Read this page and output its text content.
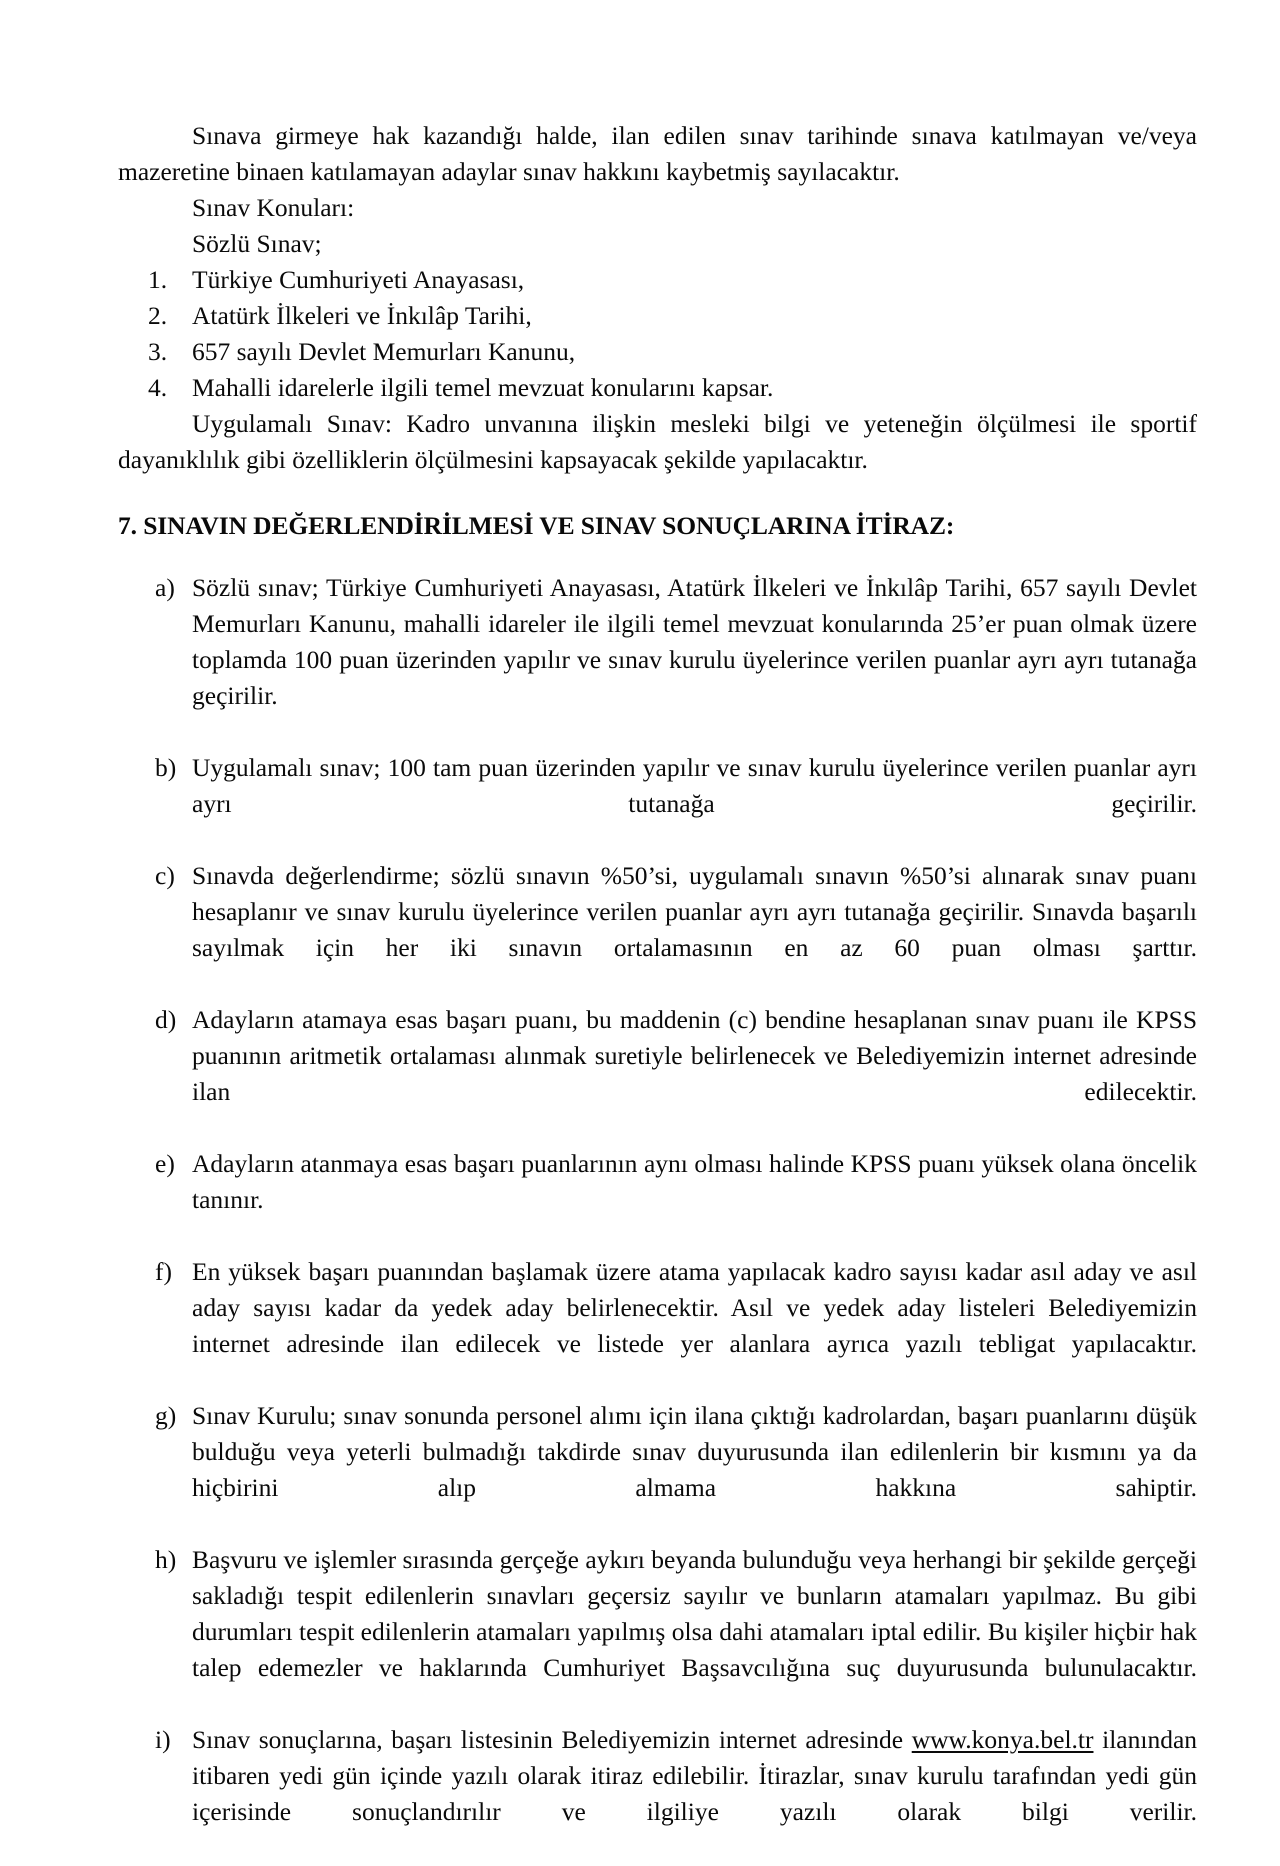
Sınava girmeye hak kazandığı halde, ilan edilen sınav tarihinde sınava katılmayan ve/veya mazeretine binaen katılamayan adaylar sınav hakkını kaybetmiş sayılacaktır.

Sınav Konuları:

Sözlü Sınav;

1. Türkiye Cumhuriyeti Anayasası,
2. Atatürk İlkeleri ve İnkılâp Tarihi,
3. 657 sayılı Devlet Memurları Kanunu,
4. Mahalli idarelerle ilgili temel mevzuat konularını kapsar.

Uygulamalı Sınav: Kadro unvanına ilişkin mesleki bilgi ve yeteneğin ölçülmesi ile sportif dayanıklılık gibi özelliklerin ölçülmesini kapsayacak şekilde yapılacaktır.

7. SINAVIN DEĞERLENDİRİLMESİ VE SINAV SONUÇLARINA İTİRAZ:
a) Sözlü sınav; Türkiye Cumhuriyeti Anayasası, Atatürk İlkeleri ve İnkılâp Tarihi, 657 sayılı Devlet Memurları Kanunu, mahalli idareler ile ilgili temel mevzuat konularında 25’er puan olmak üzere toplamda 100 puan üzerinden yapılır ve sınav kurulu üyelerince verilen puanlar ayrı ayrı tutanağa geçirilir.
b) Uygulamalı sınav; 100 tam puan üzerinden yapılır ve sınav kurulu üyelerince verilen puanlar ayrı ayrı tutanağa geçirilir.
c) Sınavda değerlendirme; sözlü sınavın %50’si, uygulamalı sınavın %50’si alınarak sınav puanı hesaplanır ve sınav kurulu üyelerince verilen puanlar ayrı ayrı tutanağa geçirilir. Sınavda başarılı sayılmak için her iki sınavın ortalamasının en az 60 puan olması şarttır.
d) Adayların atamaya esas başarı puanı, bu maddenin (c) bendine hesaplanan sınav puanı ile KPSS puanının aritmetik ortalaması alınmak suretiyle belirlenecek ve Belediyemizin internet adresinde ilan edilecektir.
e) Adayların atanmaya esas başarı puanlarının aynı olması halinde KPSS puanı yüksek olana öncelik tanınır.
f) En yüksek başarı puanından başlamak üzere atama yapılacak kadro sayısı kadar asıl aday ve asıl aday sayısı kadar da yedek aday belirlenecektir. Asıl ve yedek aday listeleri Belediyemizin internet adresinde ilan edilecek ve listede yer alanlara ayrıca yazılı tebligat yapılacaktır.
g) Sınav Kurulu; sınav sonunda personel alımı için ilana çıktığı kadrolardan, başarı puanlarını düşük bulduğu veya yeterli bulmadığı takdirde sınav duyurusunda ilan edilenlerin bir kısmını ya da hiçbirini alıp almama hakkına sahiptir.
h) Başvuru ve işlemler sırasında gerçeğe aykırı beyanda bulunduğu veya herhangi bir şekilde gerçeği sakladığı tespit edilenlerin sınavları geçersiz sayılır ve bunların atamaları yapılmaz. Bu gibi durumları tespit edilenlerin atamaları yapılmış olsa dahi atamaları iptal edilir. Bu kişiler hiçbir hak talep edemezler ve haklarında Cumhuriyet Başsavcılığına suç duyurusunda bulunulacaktır.
i) Sınav sonuçlarına, başarı listesinin Belediyemizin internet adresinde www.konya.bel.tr ilanından itibaren yedi gün içinde yazılı olarak itiraz edilebilir. İtirazlar, sınav kurulu tarafından yedi gün içerisinde sonuçlandırılır ve ilgiliye yazılı olarak bilgi verilir.
